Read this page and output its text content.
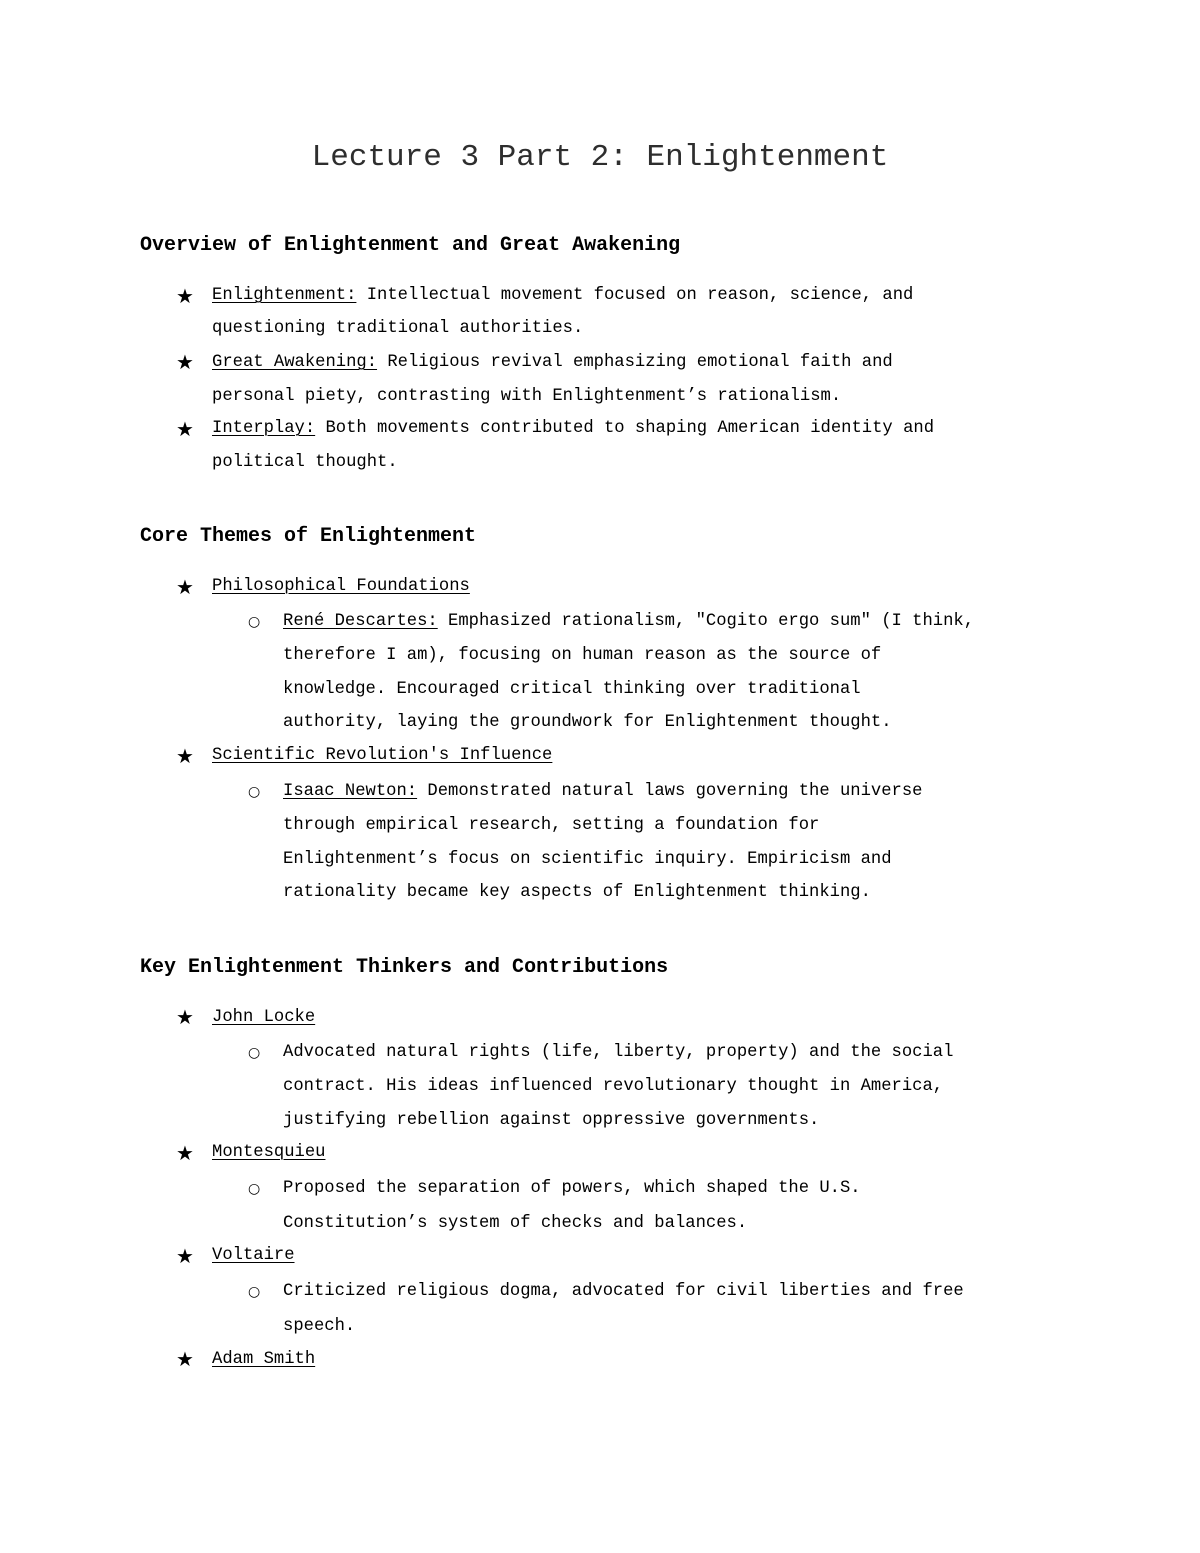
Lecture 3 Part 2: Enlightenment
Overview of Enlightenment and Great Awakening
★ Enlightenment: Intellectual movement focused on reason, science, and
questioning traditional authorities.
★ Great Awakening: Religious revival emphasizing emotional faith and
personal piety, contrasting with Enlightenment’s rationalism.
★ Interplay: Both movements contributed to shaping American identity and
political thought.
Core Themes of Enlightenment
★ Philosophical Foundations
○ René Descartes: Emphasized rationalism, "Cogito ergo sum" (I think,
therefore I am), focusing on human reason as the source of
knowledge. Encouraged critical thinking over traditional
authority, laying the groundwork for Enlightenment thought.
★ Scientific Revolution's Influence
○ Isaac Newton: Demonstrated natural laws governing the universe
through empirical research, setting a foundation for
Enlightenment’s focus on scientific inquiry. Empiricism and
rationality became key aspects of Enlightenment thinking.
Key Enlightenment Thinkers and Contributions
★ John Locke
○ Advocated natural rights (life, liberty, property) and the social
contract. His ideas influenced revolutionary thought in America,
justifying rebellion against oppressive governments.
★ Montesquieu
○ Proposed the separation of powers, which shaped the U.S.
Constitution’s system of checks and balances.
★ Voltaire
○ Criticized religious dogma, advocated for civil liberties and free
speech.
★ Adam Smith
